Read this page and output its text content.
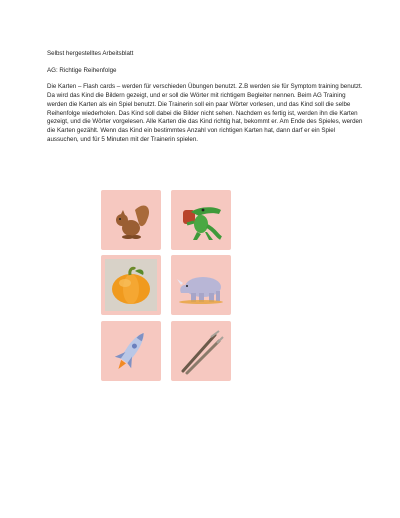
Selbst hergestelltes Arbeitsblatt

AG: Richtige Reihenfolge

Die Karten – Flash cards – werden für verschieden Übungen benutzt. Z.B werden sie für Symptom training benutzt. Da wird das Kind die Bildern gezeigt, und er soll die Wörter mit richtigem Begleiter nennen. Beim AG Training werden die Karten als ein Spiel benutzt. Die Trainerin soll ein paar Wörter vorlesen, und das Kind soll die selbe Reihenfolge wiederholen. Das Kind soll dabei die Bilder nicht sehen. Nachdem es fertig ist, werden ihn die Karten gezeigt, und die Wörter vorgelesen. Alle Karten die das Kind richtig hat, bekommt er. Am Ende des Spieles, werden die Karten gezählt. Wenn das Kind ein bestimmtes Anzahl von richtigen Karten hat, dann darf er ein Spiel aussuchen, und für 5 Minuten mit der Trainerin spielen.
